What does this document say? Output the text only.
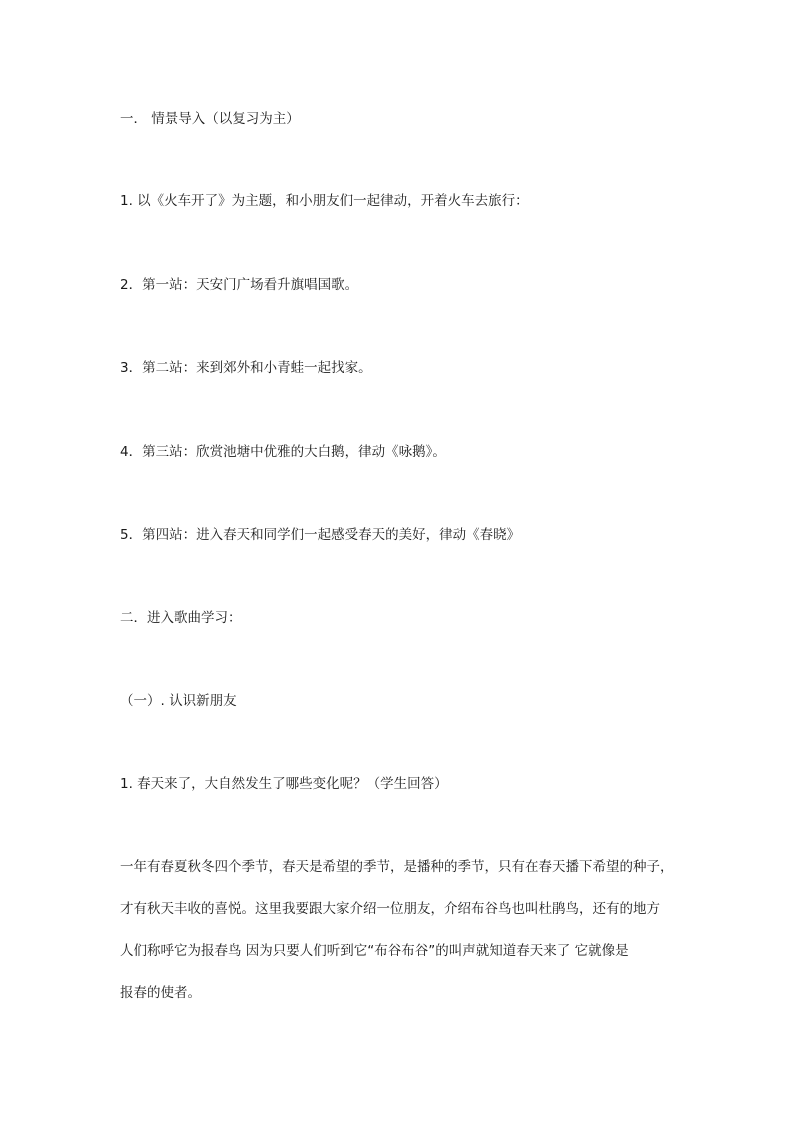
一． 情景导入（以复习为主）
1. 以《火车开了》为主题，和小朋友们一起律动，开着火车去旅行：
2．第一站：天安门广场看升旗唱国歌。
3．第二站：来到郊外和小青蛙一起找家。
4．第三站：欣赏池塘中优雅的大白鹅，律动《咏鹅》。
5．第四站：进入春天和同学们一起感受春天的美好，律动《春晓》
二．进入歌曲学习：
（一）. 认识新朋友
1. 春天来了，大自然发生了哪些变化呢？（学生回答）
一年有春夏秋冬四个季节，春天是希望的季节，是播种的季节，只有在春天播下希望的种子，
才有秋天丰收的喜悦。这里我要跟大家介绍一位朋友，介绍布谷鸟也叫杜鹃鸟，还有的地方
人们称呼它为报春鸟 因为只要人们听到它“布谷布谷”的叫声就知道春天来了 它就像是
报春的使者。
